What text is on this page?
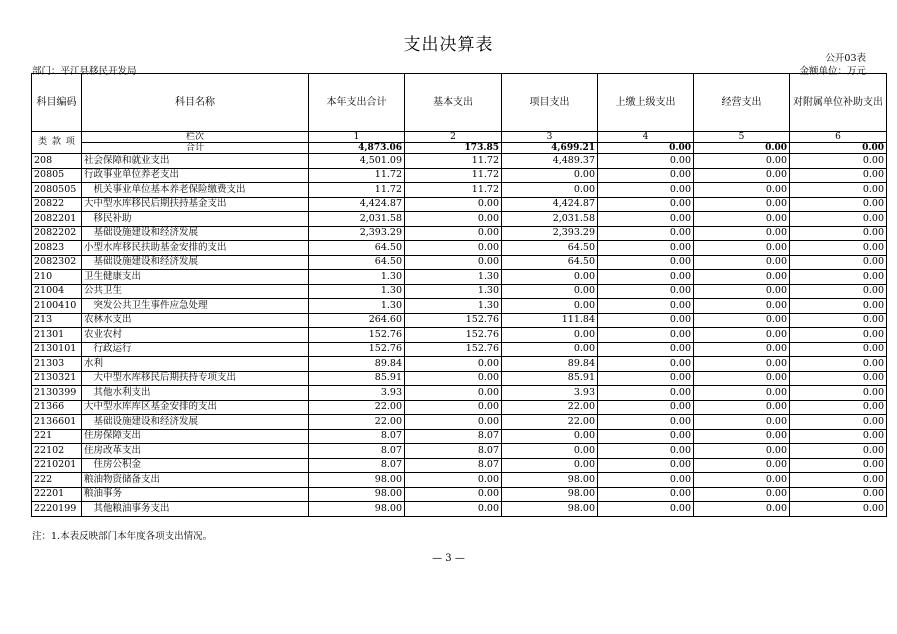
支出决算表
公开03表
部门：平江县移民开发局	金额单位：万元
科目编码	科目名称	本年支出合计	基本支出	项目支出	上缴上级支出	经营支出	对附属单位补助支出
类 款 项	栏次	1	2	3	4	5	6
	合计	4,873.06	173.85	4,699.21	0.00	0.00	0.00
208	社会保障和就业支出	4,501.09	11.72	4,489.37	0.00	0.00	0.00
20805	行政事业单位养老支出	11.72	11.72	0.00	0.00	0.00	0.00
2080505	　机关事业单位基本养老保险缴费支出	11.72	11.72	0.00	0.00	0.00	0.00
20822	大中型水库移民后期扶持基金支出	4,424.87	0.00	4,424.87	0.00	0.00	0.00
2082201	　移民补助	2,031.58	0.00	2,031.58	0.00	0.00	0.00
2082202	　基础设施建设和经济发展	2,393.29	0.00	2,393.29	0.00	0.00	0.00
20823	小型水库移民扶助基金安排的支出	64.50	0.00	64.50	0.00	0.00	0.00
2082302	　基础设施建设和经济发展	64.50	0.00	64.50	0.00	0.00	0.00
210	卫生健康支出	1.30	1.30	0.00	0.00	0.00	0.00
21004	公共卫生	1.30	1.30	0.00	0.00	0.00	0.00
2100410	　突发公共卫生事件应急处理	1.30	1.30	0.00	0.00	0.00	0.00
213	农林水支出	264.60	152.76	111.84	0.00	0.00	0.00
21301	农业农村	152.76	152.76	0.00	0.00	0.00	0.00
2130101	　行政运行	152.76	152.76	0.00	0.00	0.00	0.00
21303	水利	89.84	0.00	89.84	0.00	0.00	0.00
2130321	　大中型水库移民后期扶持专项支出	85.91	0.00	85.91	0.00	0.00	0.00
2130399	　其他水利支出	3.93	0.00	3.93	0.00	0.00	0.00
21366	大中型水库库区基金安排的支出	22.00	0.00	22.00	0.00	0.00	0.00
2136601	　基础设施建设和经济发展	22.00	0.00	22.00	0.00	0.00	0.00
221	住房保障支出	8.07	8.07	0.00	0.00	0.00	0.00
22102	住房改革支出	8.07	8.07	0.00	0.00	0.00	0.00
2210201	　住房公积金	8.07	8.07	0.00	0.00	0.00	0.00
222	粮油物资储备支出	98.00	0.00	98.00	0.00	0.00	0.00
22201	粮油事务	98.00	0.00	98.00	0.00	0.00	0.00
2220199	　其他粮油事务支出	98.00	0.00	98.00	0.00	0.00	0.00
注：1.本表反映部门本年度各项支出情况。
— 3 —
